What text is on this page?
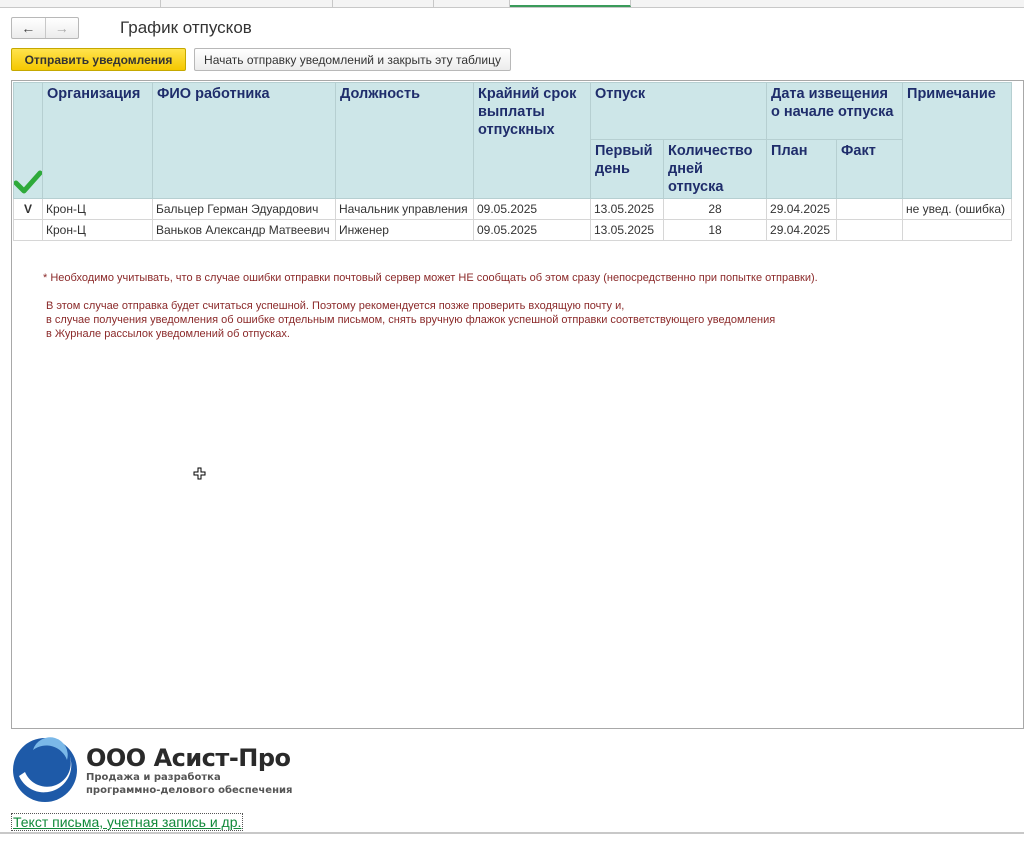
← →	График отпусков
Отправить уведомления	Начать отправку уведомлений и закрыть эту таблицу
	Организация	ФИО работника	Должность	Крайний срок выплаты отпускных	Отпуск		Дата извещения о начале отпуска		Примечание
					Первый день	Количество дней отпуска	План	Факт	
V	Крон-Ц	Бальцер Герман Эдуардович	Начальник управления	09.05.2025	13.05.2025	28	29.04.2025		не увед. (ошибка)
	Крон-Ц	Ваньков Александр Матвеевич	Инженер	09.05.2025	13.05.2025	18	29.04.2025		
* Необходимо учитывать, что в случае ошибки отправки почтовый сервер может НЕ сообщать об этом сразу (непосредственно при попытке отправки).
В этом случае отправка будет считаться успешной. Поэтому рекомендуется позже проверить входящую почту и,
в случае получения уведомления об ошибке отдельным письмом, снять вручную флажок успешной отправки соответствующего уведомления
в Журнале рассылок уведомлений об отпусках.
ООО Асист-Про
Продажа и разработка
программно-делового обеспечения
Текст письма, учетная запись и др.
